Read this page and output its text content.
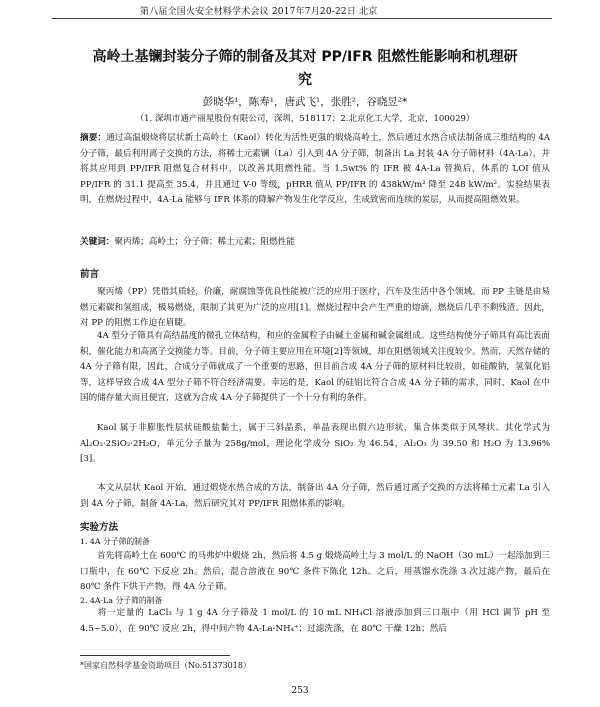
第八届全国火安全材料学术会议 2017年7月20-22日 北京
高岭土基镧封装分子筛的制备及其对 PP/IFR 阻燃性能影响和机理研
究
彭晓华¹，陈寿¹，唐武飞¹，张胜²，谷晓昱²*
（1. 深圳市通产丽星股份有限公司，深圳，518117；2.北京化工大学，北京，100029）
摘要：通过高温煅烧将层状新土高岭土（Kaol）转化为活性更强的煅烧高岭土，然后通过水热合成法制备成三维结构的 4A 分子筛，最后利用离子交换的方法，将稀土元素镧（La）引入到 4A 分子筛，制备出 La 封装 4A 分子筛材料（4A-La），并将其应用到 PP/IFR 阻燃复合材料中，以改善其阻燃性能。当 1.5wt% 的 IFR 被 4A-La 替换后，体系的 LOI 值从 PP/IFR 的 31.1 提高至 35.4，并且通过 V-0 等级，pHRR 值从 PP/IFR 的 438kW/m² 降至 248 kW/m²。实验结果表明，在燃烧过程中，4A-La 能够与 IFR 体系的降解产物发生化学反应，生成致密而连续的炭层，从而提高阻燃效果。
关键词：聚丙烯；高岭土；分子筛；稀土元素；阻燃性能
前言
聚丙烯（PP）凭借其质轻，价廉，耐腐蚀等优良性能被广泛的应用于医疗，汽车及生活中各个领域。而 PP 主链是由易燃元素碳和氢组成，极易燃烧，限制了其更为广泛的应用[1]。燃烧过程中会产生严重的熔滴，燃烧后几乎不剩残渣。因此，对 PP 的阻燃工作迫在眉睫。
4A 型分子筛具有高结晶度的微孔立体结构，和应的金属粒子由碱土金属和碱金属组成。这些结构使分子筛具有高比表面积，催化能力和高离子交换能力等。目前，分子筛主要应用在环境[2]等领域，却在阻燃领域关注度较少。然而，天然存储的 4A 分子筛有限，因此，合成分子筛就成了一个重要的思路，但目前合成 4A 分子筛的原材料比较贵，如硅酸钠，氢氧化铝等，这样导致合成 4A 型分子筛不符合经济需要。幸运的是，Kaol 的硅铝比符合合成 4A 分子筛的需求，同时，Kaol 在中国的储存量大而且便宜，这就为合成 4A 分子筛提供了一个十分有利的条件。
Kaol 属于非膨胀性层状硅酸盐黏土，属于三斜晶系，单晶表现出假六边形状，集合体类似于风琴状。其化学式为 Al₂O₃·2SiO₂·2H₂O，单元分子量为 258g/mol，理论化学成分 SiO₂ 为 46.54，Al₂O₃ 为 39.50 和 H₂O 为 13.96%[3]。
本文从层状 Kaol 开始，通过煅烧水热合成的方法，制备出 4A 分子筛，然后通过离子交换的方法将稀土元素 La 引入到 4A 分子筛，制备 4A-La，然后研究其对 PP/IFR 阻燃体系的影响。
实验方法
1. 4A 分子筛的制备
首先将高岭土在 600℃ 的马弗炉中煅烧 2h，然后将 4.5 g 煅烧高岭土与 3 mol/L 的 NaOH（30 mL）一起添加到三口瓶中，在 60℃ 下反应 2h。然后，混合溶液在 90℃ 条件下陈化 12h。之后，用蒸馏水洗涤 3 次过滤产物，最后在 80℃ 条件下烘干产物，得 4A 分子筛。
2. 4A-La 分子筛的制备
将一定量的 LaCl₃ 与 1 g 4A 分子筛及 1 mol/L 的 10 mL NH₄Cl 溶液添加到三口瓶中（用 HCl 调节 pH 至 4.5~5.0），在 90℃ 反应 2h，得中间产物 4A-La-NH₄⁺；过滤洗涤，在 80℃ 干燥 12h；然后
*国家自然科学基金资助项目（No.51373018）
253
